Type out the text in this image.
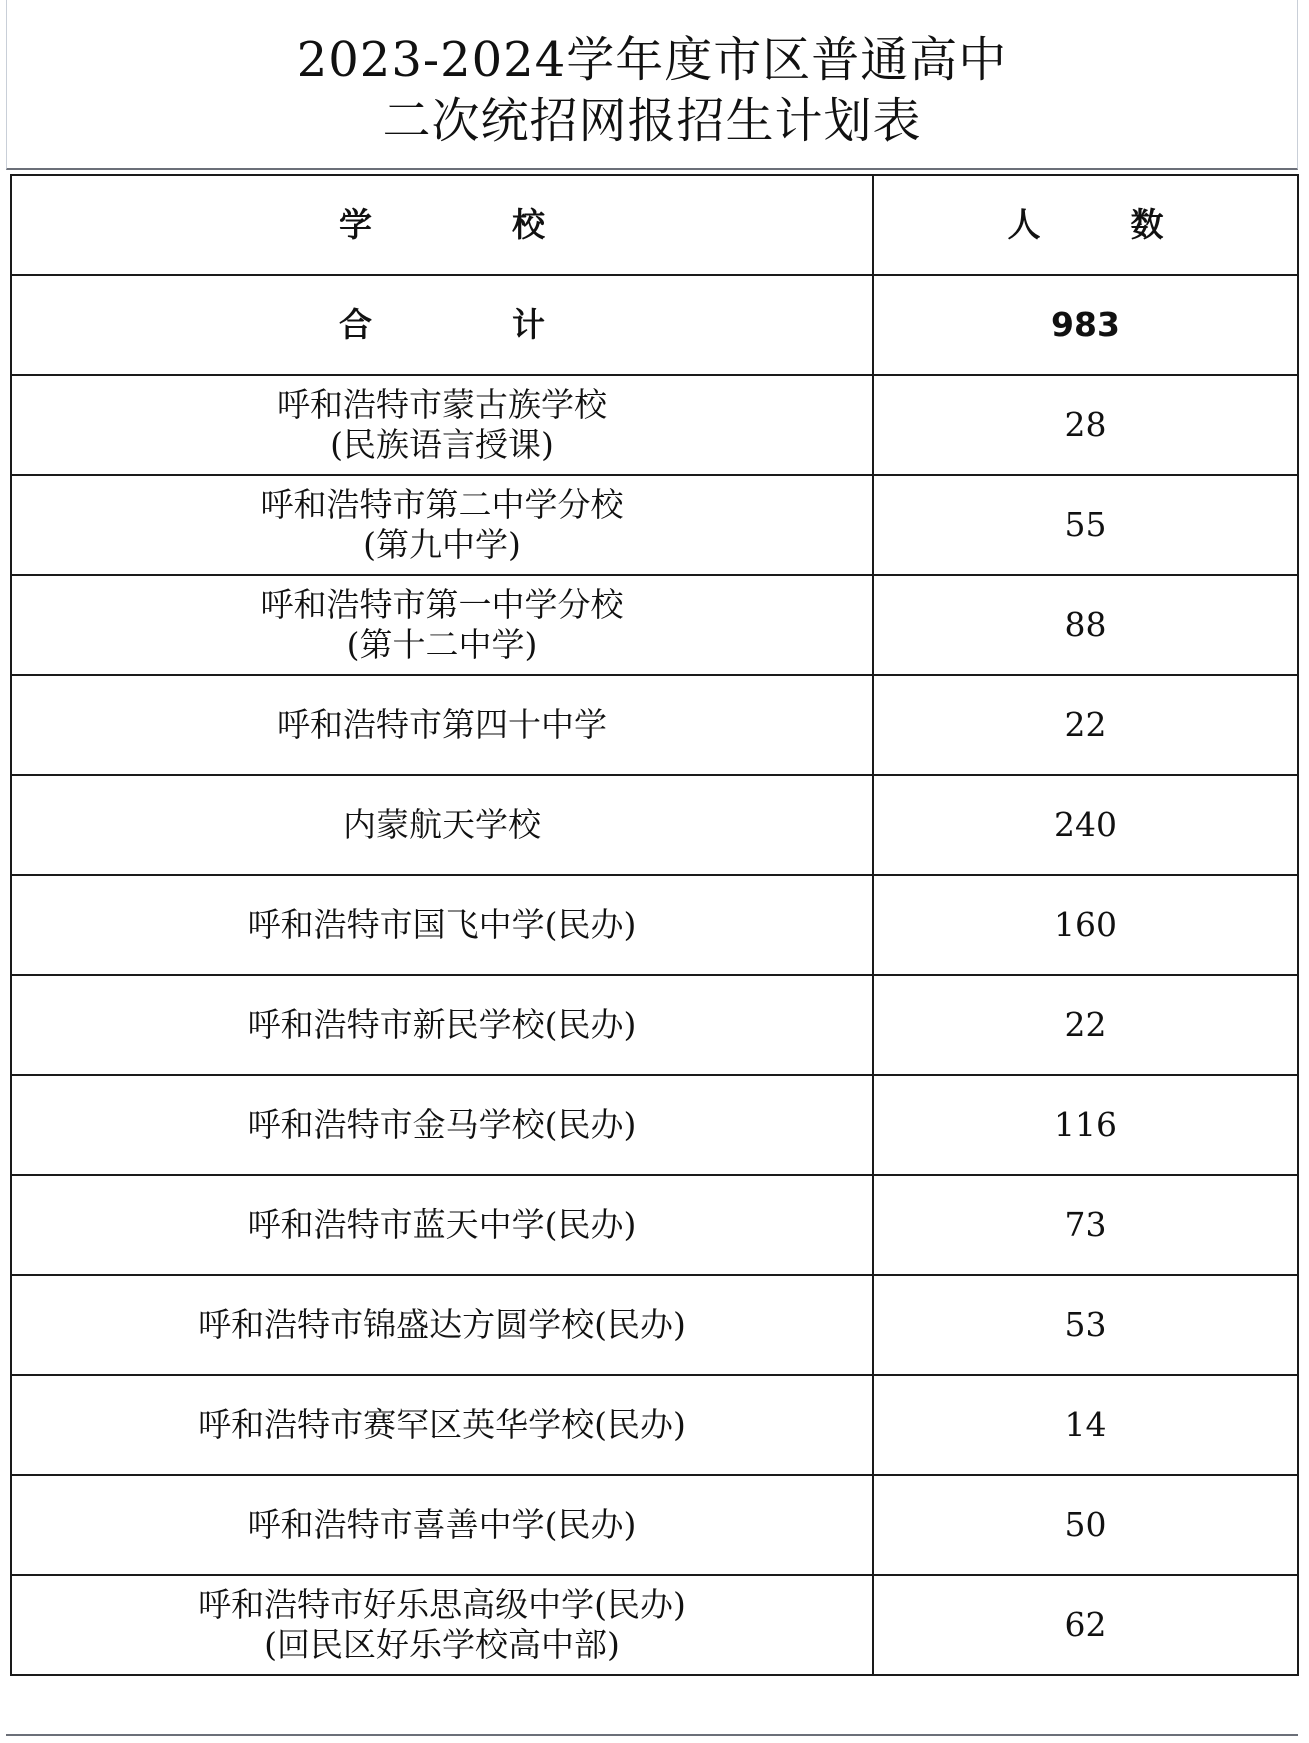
2023-2024学年度市区普通高中
二次统招网报招生计划表
学 校	人 数
合 计	983

呼和浩特市蒙古族学校
(民族语言授课)	28

呼和浩特市第二中学分校
(第九中学)	55

呼和浩特市第一中学分校
(第十二中学)	88
呼和浩特市第四十中学	22
内蒙航天学校	240
呼和浩特市国飞中学(民办)	160
呼和浩特市新民学校(民办)	22
呼和浩特市金马学校(民办)	116
呼和浩特市蓝天中学(民办)	73
呼和浩特市锦盛达方圆学校(民办)	53
呼和浩特市赛罕区英华学校(民办)	14
呼和浩特市喜善中学(民办)	50

呼和浩特市好乐思高级中学(民办)
(回民区好乐学校高中部)	62
